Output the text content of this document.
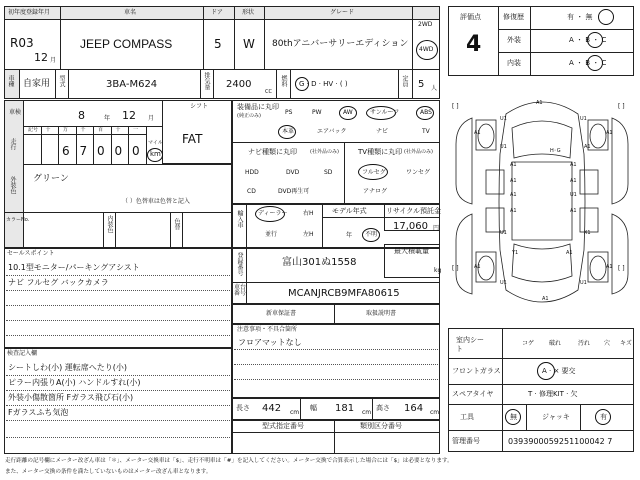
初年度登録年月
R03
12 月
車名
JEEP COMPASS
ドア
5
形状
W
グレード
80thアニバーサリーエディション
2WD
4WD
車種 自家用 型式	3BA-M624	排気量 2400
CC
燃料 G · D · HV · ( )	定員 5 人
車検	8	年 12 月
シフト
FAT
走行
記号 十 万 千 百 十 一
6 7 0 0 0
マイル
km
外装色 グリーン
（ ）色替車は色替と記入
カラーNo.	内装色	色替
装備品に丸印
(純正のみ)	PS	PW	AW	サンルーフ	ABS
本革	エアバック	ナビ	TV
ナビ種類に丸印	(社外品のみ)
HDD	DVD	SD
CD	DVD再生可
TV種類に丸印 (社外品のみ)
フルセグ	ワンセグ
アナログ
輸入車	ディーラー
並行
右H
左H
モデル年式
年 不明
リサイクル預託金
17,060 円
登録番号	富山301ぬ1558
最大積載量
kg
車台番号	MCANJRCB9MFA80615
新車保証書	取扱説明書
セールスポイント
10.1型モニター/パーキングアシスト
ナビ フルセグ バックカメラ
注意事項・不具合箇所
フロアマットなし
検査記入欄
シートしわ(小) 運転席へたり(小)
ピラー内張りA(小) ハンドルすれ(小)
外装小傷散箇所 Fガラス飛び石(小)
Fガラスふち気泡	長さ 442 cm
幅 181 cm
高さ 164 cm
型式指定番号	類別区分番号
評価点
4
修復歴	有 ・ 無
外装	A ・ B ・ C
内装	A ・ B ・ C
A1
U1
A1
U1
U1	A1
A1
A1
A1
A1
A1
U1
U1	X1
Y1	A1
A1	A1
A1	A1
U1	U1
A1
A1
H◦G
[ ]	[ ]
[ ]	[ ]
室内シート
コゲ 破れ	汚れ 穴 キズ
フロントガラス	A · × 要交
スペアタイヤ	T · 修理KIT · 欠
工具	無	ジャッキ	有
管理番号	0393900059251100042 7
走行距離の記号欄にメーター改ざん車は「＊」、メーター交換車は「$」、走行不明車は「#」を記入してください。メーター交換で合算表示した場合には「$」は必要となります。
また、メーター交換の条件を満たしていないものはメーター改ざん車となります。
